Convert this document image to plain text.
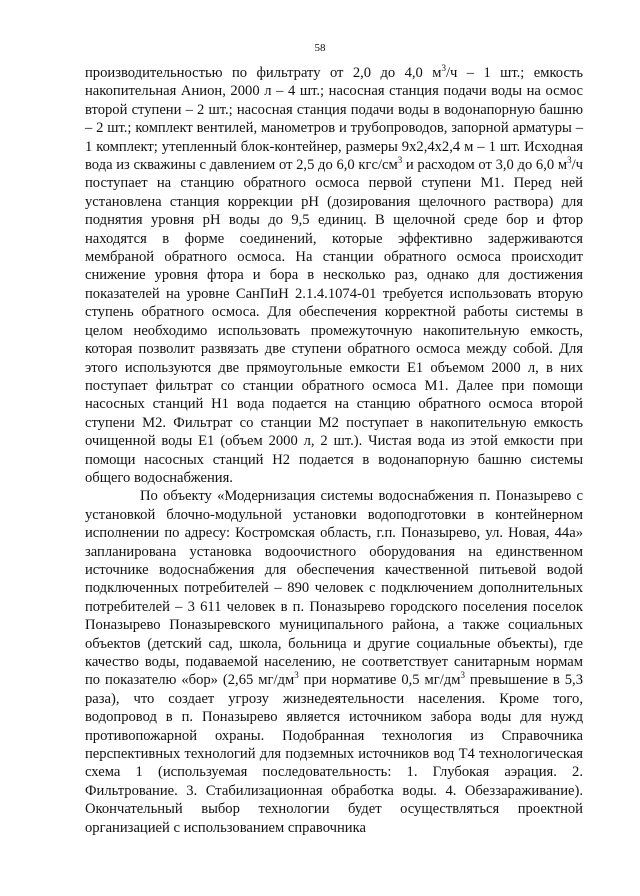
58

производительностью по фильтрату от 2,0 до 4,0 $м^3/ч - 1$ шт.; емкость накопительная Анион, 2000 л – 4 шт.; насосная станция подачи воды на осмос второй ступени – 2 шт.; насосная станция подачи воды в водонапорную башню – 2 шт.; комплект вентилей, манометров и трубопроводов, запорной арматуры – 1 комплект; утепленный блок-контейнер, размеры 9х2,4х2,4 м – 1 шт. Исходная вода из скважины с давлением от 2,5 до 6,0 кгс/$см^3$ и расходом от 3,0 до 6,0 $м^3/ч$ поступает на станцию обратного осмоса первой ступени М1. Перед ней установлена станция коррекции рН (дозирования щелочного раствора) для поднятия уровня рН воды до 9,5 единиц. В щелочной среде бор и фтор находятся в форме соединений, которые эффективно задерживаются мембраной обратного осмоса. На станции обратного осмоса происходит снижение уровня фтора и бора в несколько раз, однако для достижения показателей на уровне СанПиН 2.1.4.1074-01 требуется использовать вторую ступень обратного осмоса. Для обеспечения корректной работы системы в целом необходимо использовать промежуточную накопительную емкость, которая позволит развязать две ступени обратного осмоса между собой. Для этого используются две прямоугольные емкости Е1 объемом 2000 л, в них поступает фильтрат со станции обратного осмоса М1. Далее при помощи насосных станций Н1 вода подается на станцию обратного осмоса второй ступени М2. Фильтрат со станции М2 поступает в накопительную емкость очищенной воды Е1 (объем 2000 л, 2 шт.). Чистая вода из этой емкости при помощи насосных станций Н2 подается в водонапорную башню системы общего водоснабжения.

По объекту «Модернизация системы водоснабжения п. Поназырево с установкой блочно-модульной установки водоподготовки в контейнерном исполнении по адресу: Костромская область, г.п. Поназырево, ул. Новая, 44а» запланирована установка водоочистного оборудования на единственном источнике водоснабжения для обеспечения качественной питьевой водой подключенных потребителей – 890 человек с подключением дополнительных потребителей – 3 611 человек в п. Поназырево городского поселения поселок Поназырево Поназыревского муниципального района, а также социальных объектов (детский сад, школа, больница и другие социальные объекты), где качество воды, подаваемой населению, не соответствует санитарным нормам по показателю «бор» (2,65 $мг/дм^3$ при нормативе 0,5 $мг/дм^3$ превышение в 5,3 раза), что создает угрозу жизнедеятельности населения. Кроме того, водопровод в п. Поназырево является источником забора воды для нужд противопожарной охраны. Подобранная технология из Справочника перспективных технологий для подземных источников вод Т4 технологическая схема 1 (используемая последовательность: 1. Глубокая аэрация. 2. Фильтрование. 3. Стабилизационная обработка воды. 4. Обеззараживание). Окончательный выбор технологии будет осуществляться проектной организацией с использованием справочника
